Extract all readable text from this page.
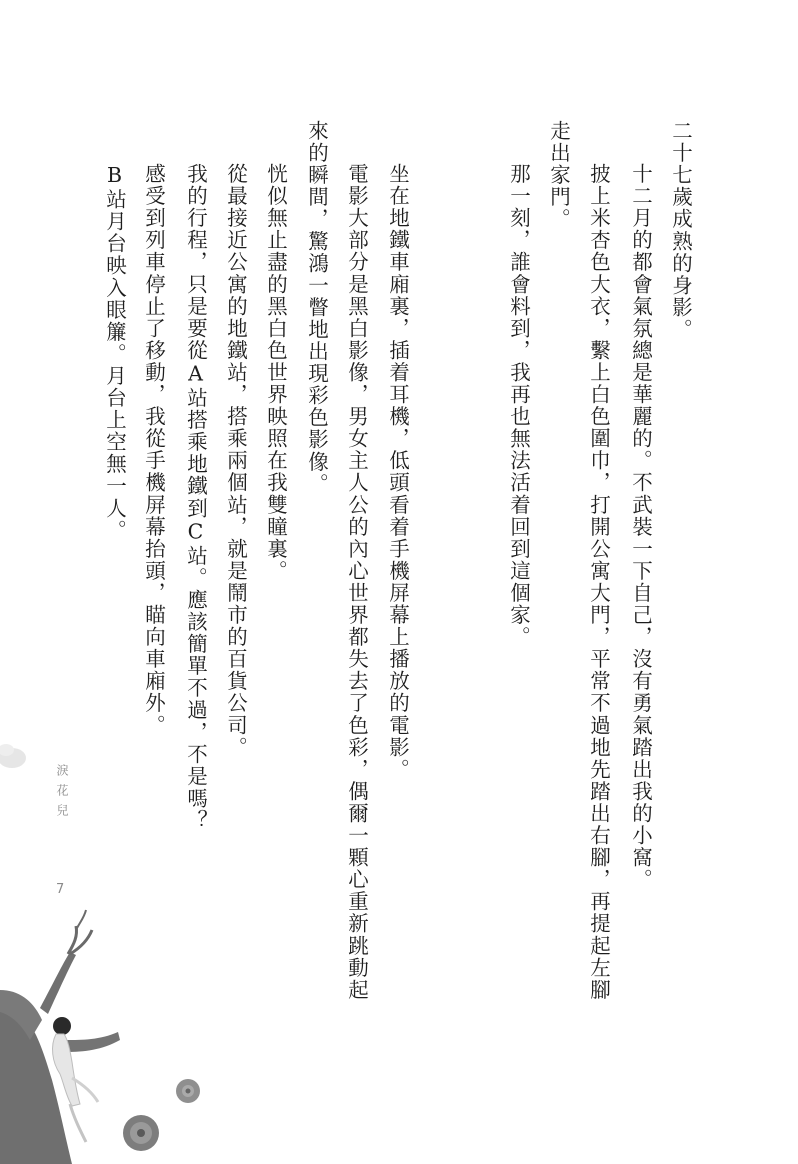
二十七歲成熟的身影。
十二月的都會氣氛總是華麗的。不武裝一下自己，沒有勇氣踏出我的小窩。
披上米杏色大衣，繫上白色圍巾，打開公寓大門，平常不過地先踏出右腳，再提起左腳
走出家門。
那一刻，誰會料到，我再也無法活着回到這個家。
坐在地鐵車廂裏，插着耳機，低頭看着手機屏幕上播放的電影。
電影大部分是黑白影像，男女主人公的內心世界都失去了色彩，偶爾一顆心重新跳動起
來的瞬間，驚鴻一瞥地出現彩色影像。
恍似無止盡的黑白色世界映照在我雙瞳裏。
從最接近公寓的地鐵站，搭乘兩個站，就是鬧市的百貨公司。
我的行程，只是要從A站搭乘地鐵到C站。應該簡單不過，不是嗎？
感受到列車停止了移動，我從手機屏幕抬頭，瞄向車廂外。
B站月台映入眼簾。月台上空無一人。
淚花兒
7
